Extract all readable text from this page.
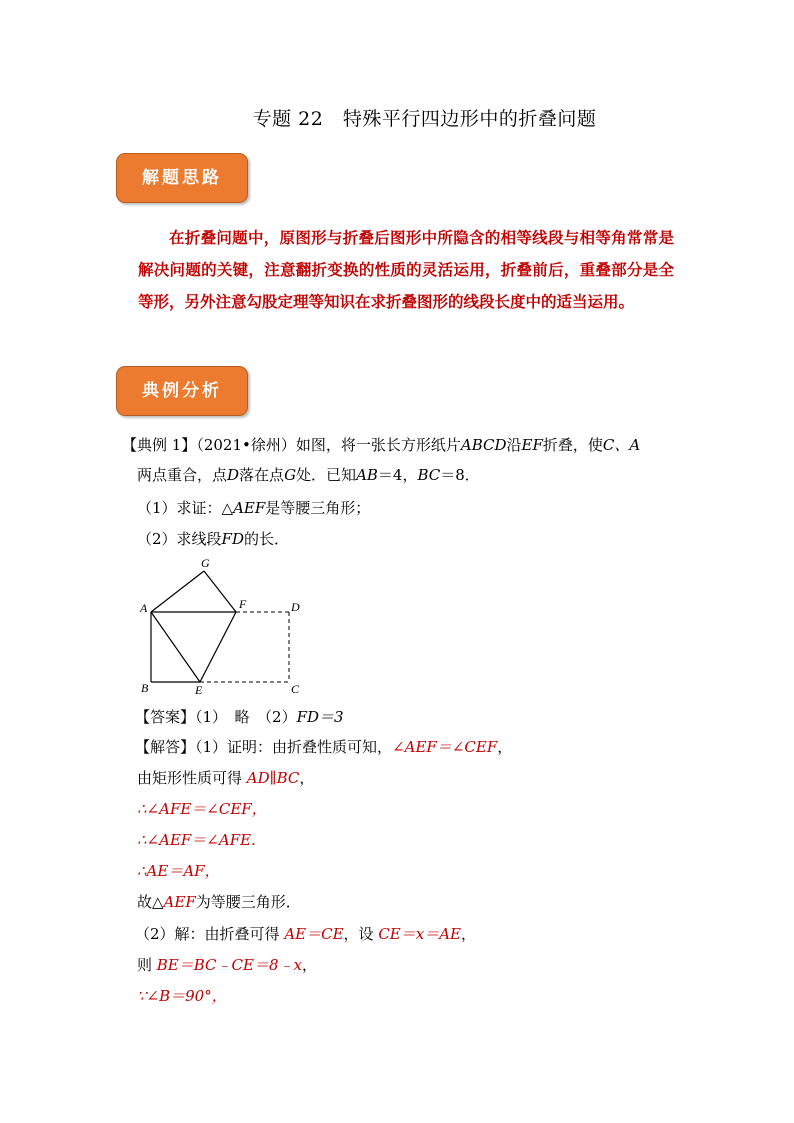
专题 22　特殊平行四边形中的折叠问题
解题思路
在折叠问题中，原图形与折叠后图形中所隐含的相等线段与相等角常常是解决问题的关键，注意翻折变换的性质的灵活运用，折叠前后，重叠部分是全等形，另外注意勾股定理等知识在求折叠图形的线段长度中的适当运用。
典例分析
【典例 1】（2021•徐州）如图，将一张长方形纸片ABCD沿EF折叠，使C、A
两点重合，点D落在点G处．已知AB＝4，BC＝8．
（1）求证：△AEF是等腰三角形；
（2）求线段FD的长．
G
A	F	D
B	E	C
【答案】（1）　略　（2）FD＝3
【解答】（1）证明：由折叠性质可知，∠AEF＝∠CEF，
由矩形性质可得 AD∥BC，
∴∠AFE＝∠CEF，
∴∠AEF＝∠AFE．
∴AE＝AF，
故△AEF为等腰三角形．
（2）解：由折叠可得 AE＝CE，设 CE＝x＝AE，
则 BE＝BC﹣CE＝8﹣x，
∵∠B＝90°，
